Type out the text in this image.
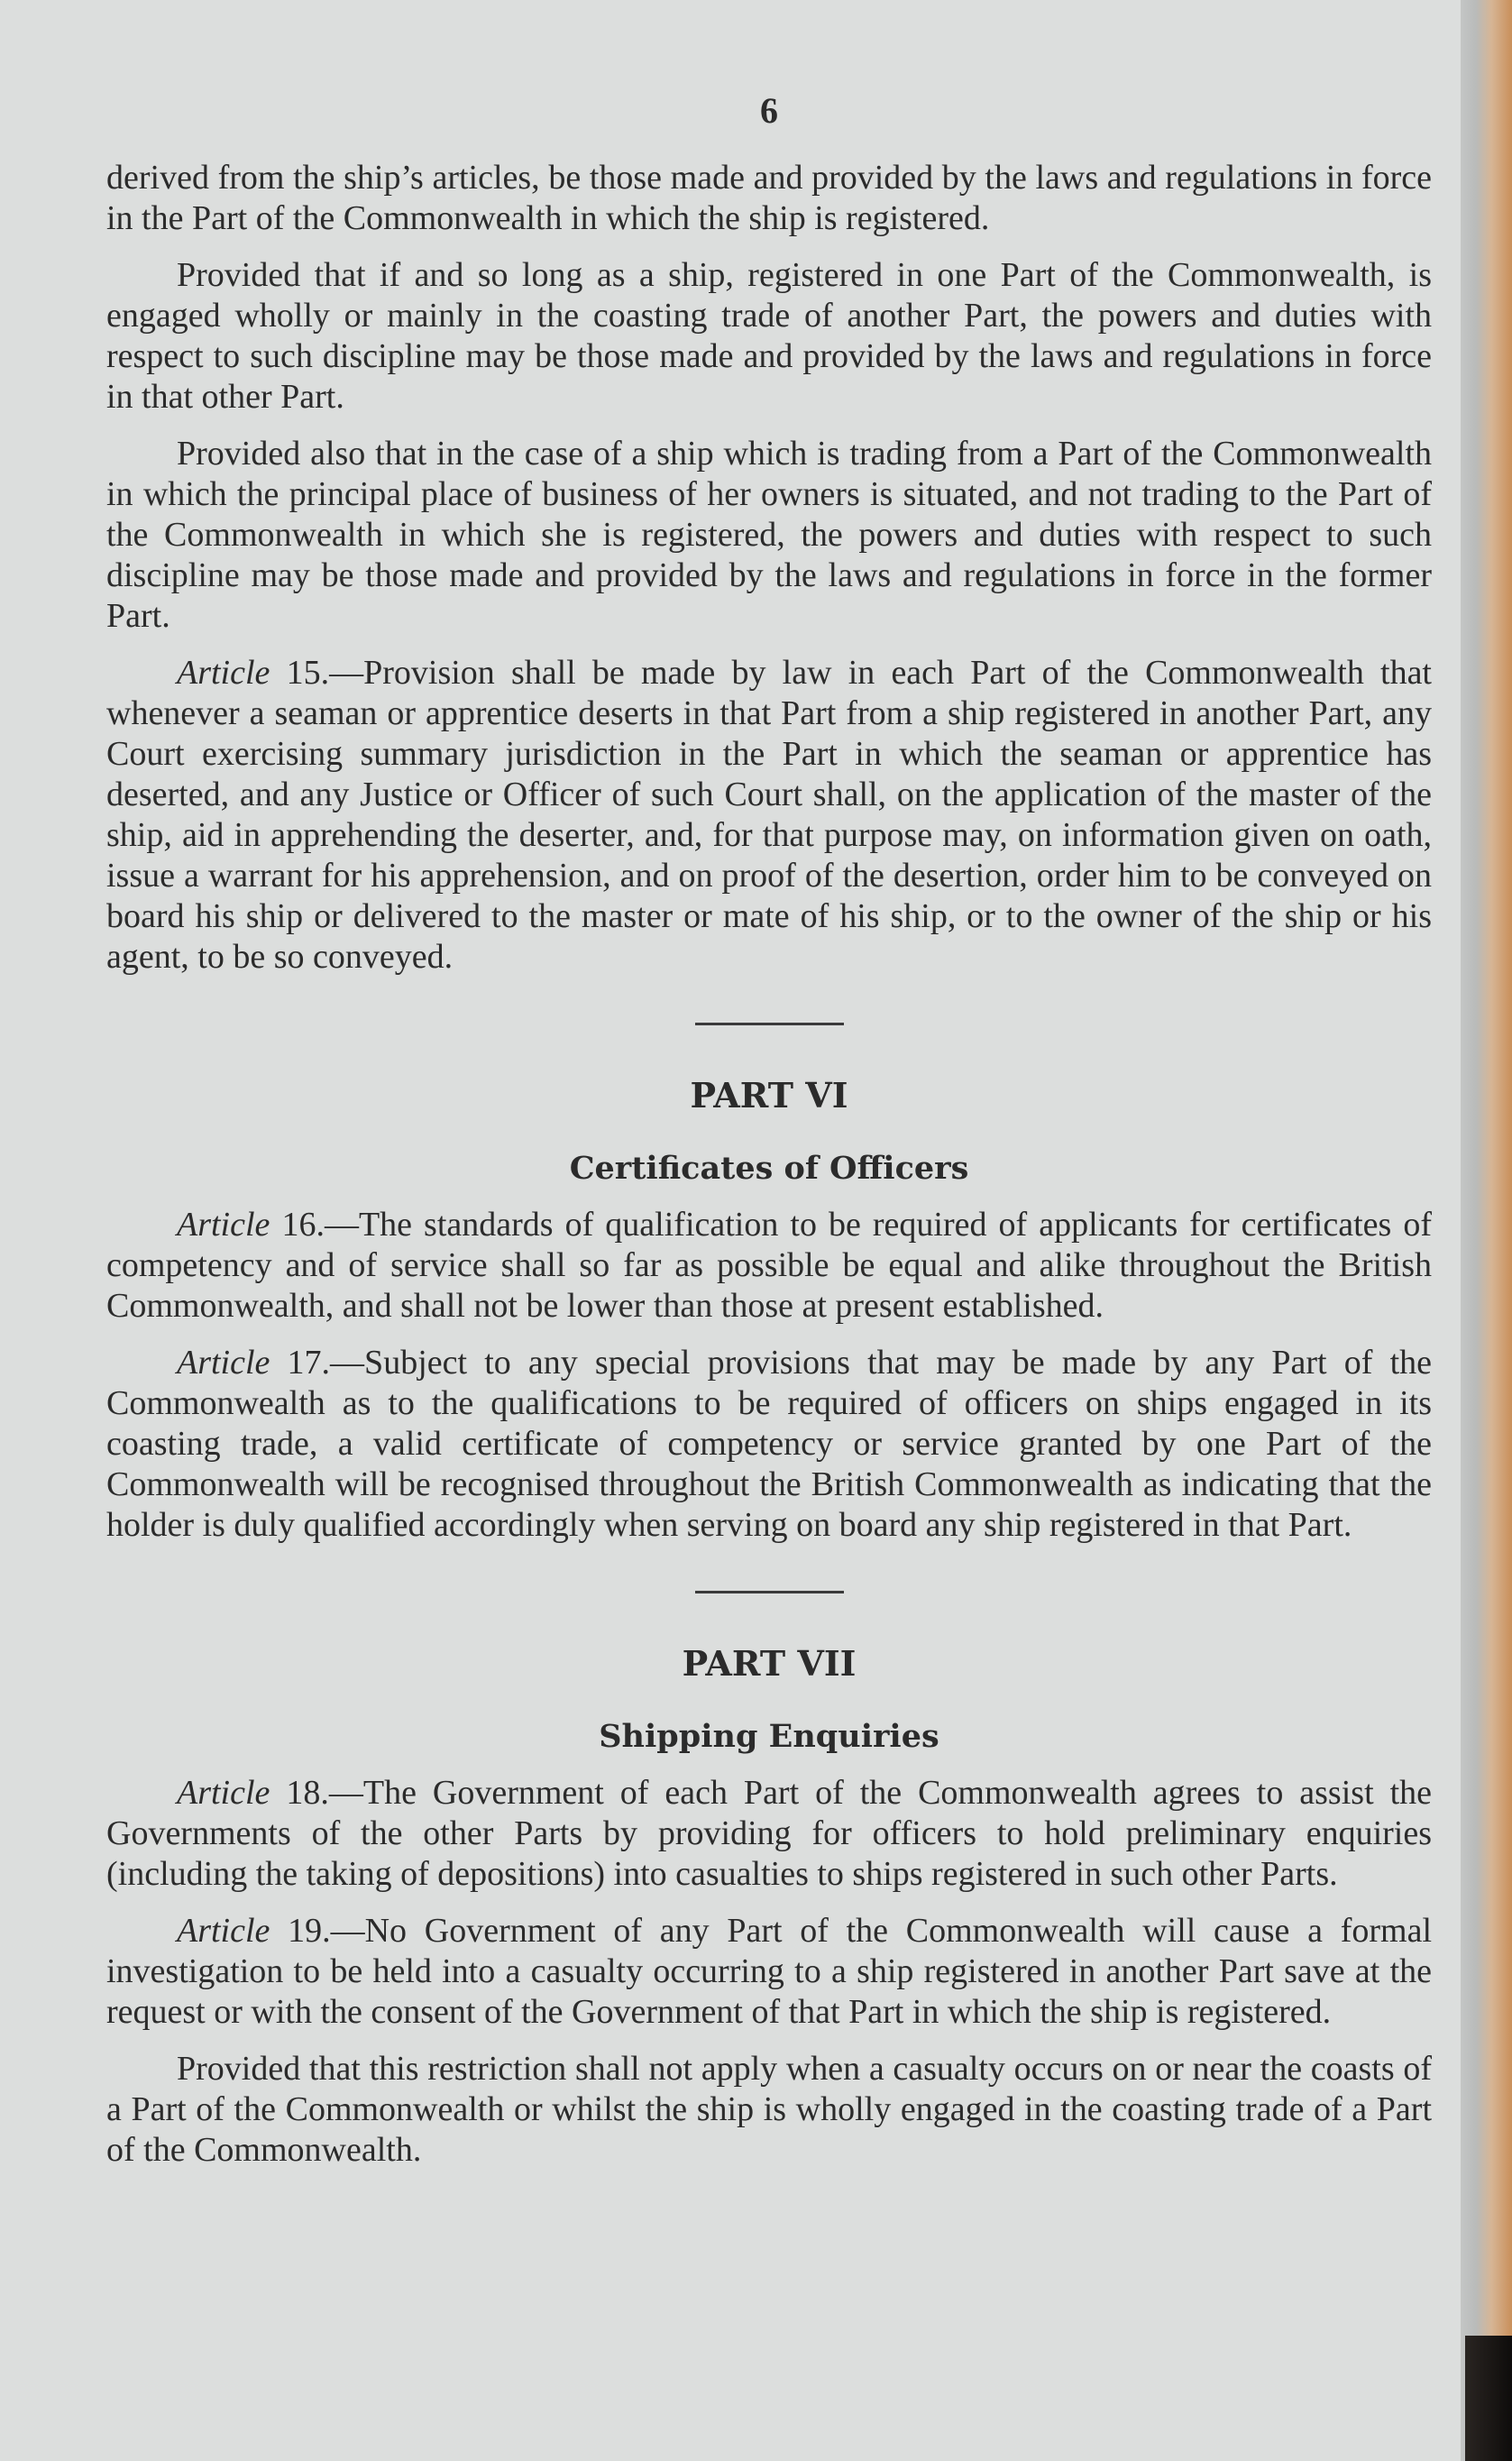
6

derived from the ship’s articles, be those made and provided by the laws and regulations in force in the Part of the Commonwealth in which the ship is registered.

Provided that if and so long as a ship, registered in one Part of the Commonwealth, is engaged wholly or mainly in the coasting trade of another Part, the powers and duties with respect to such discipline may be those made and provided by the laws and regulations in force in that other Part.

Provided also that in the case of a ship which is trading from a Part of the Commonwealth in which the principal place of business of her owners is situated, and not trading to the Part of the Commonwealth in which she is registered, the powers and duties with respect to such discipline may be those made and provided by the laws and regulations in force in the former Part.

Article 15.—Provision shall be made by law in each Part of the Commonwealth that whenever a seaman or apprentice deserts in that Part from a ship registered in another Part, any Court exercising summary jurisdiction in the Part in which the seaman or apprentice has deserted, and any Justice or Officer of such Court shall, on the application of the master of the ship, aid in apprehending the deserter, and, for that purpose may, on information given on oath, issue a warrant for his apprehension, and on proof of the desertion, order him to be conveyed on board his ship or delivered to the master or mate of his ship, or to the owner of the ship or his agent, to be so conveyed.

PART VI
Certificates of Officers

Article 16.—The standards of qualification to be required of applicants for certificates of competency and of service shall so far as possible be equal and alike throughout the British Commonwealth, and shall not be lower than those at present established.

Article 17.—Subject to any special provisions that may be made by any Part of the Commonwealth as to the qualifications to be required of officers on ships engaged in its coasting trade, a valid certificate of competency or service granted by one Part of the Commonwealth will be recognised throughout the British Commonwealth as indicating that the holder is duly qualified accordingly when serving on board any ship registered in that Part.

PART VII
Shipping Enquiries

Article 18.—The Government of each Part of the Commonwealth agrees to assist the Governments of the other Parts by providing for officers to hold preliminary enquiries (including the taking of depositions) into casualties to ships registered in such other Parts.

Article 19.—No Government of any Part of the Commonwealth will cause a formal investigation to be held into a casualty occurring to a ship registered in another Part save at the request or with the consent of the Government of that Part in which the ship is registered.

Provided that this restriction shall not apply when a casualty occurs on or near the coasts of a Part of the Commonwealth or whilst the ship is wholly engaged in the coasting trade of a Part of the Commonwealth.
